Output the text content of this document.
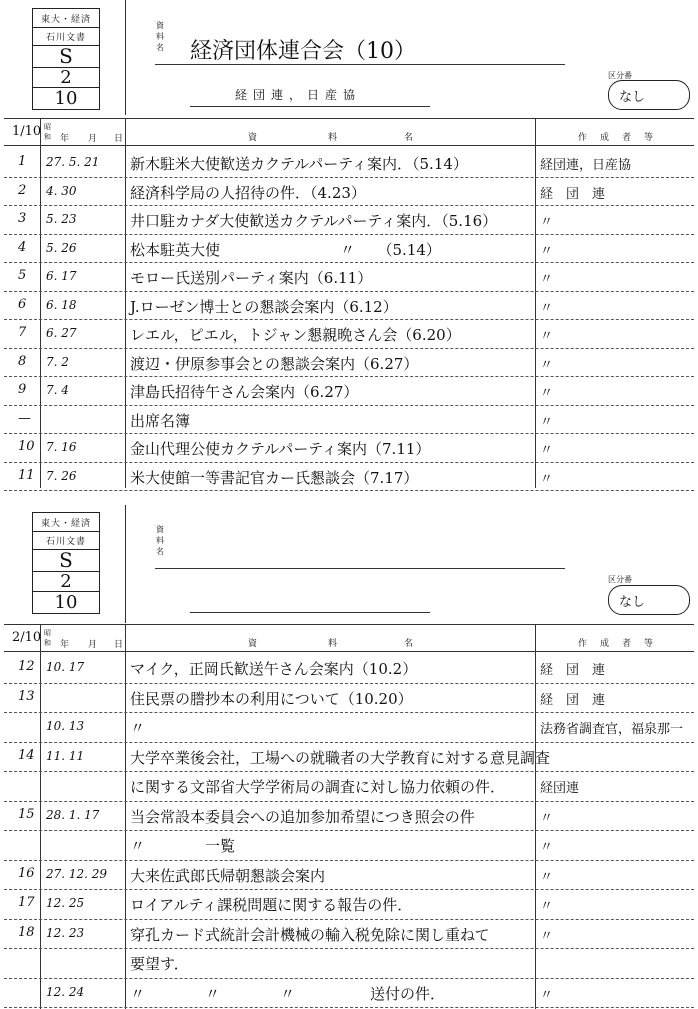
東大・経済
石川文書
S
2
10
資料名 経済団体連合会（10）
経団連，日産協
区分番
なし
1/10 昭和	年 月 日	資	料	名	作 成 者 等
1 27. 5. 21 新木駐米大使歓送カクテルパーティ案内．（5.14）	経団連，日産協
2 4. 30	経済科学局の人招待の件．（4.23）	経　団　連
3 5. 23	井口駐カナダ大使歓送カクテルパーティ案内．（5.16）	〃
4 5. 26	松本駐英大使　　　　　　　　〃　　（5.14）	〃
5 6. 17	モロー氏送別パーティ案内（6.11）	〃
6 6. 18	J.ローゼン博士との懇談会案内（6.12）	〃
7 6. 27	レエル，ピエル，トジャン懇親晩さん会（6.20）	〃
8 7. 2	渡辺・伊原参事会との懇談会案内（6.27）	〃
9 7. 4	津島氏招待午さん会案内（6.27）	〃
—	出席名簿	〃
10 7. 16	金山代理公使カクテルパーティ案内（7.11）	〃
11 7. 26	米大使館一等書記官カー氏懇談会（7.17）	〃
東大・経済
石川文書
S
2
10
資料名
区分番
なし
2/10 昭和	年 月 日	資	料	名	作 成 者 等
12 10. 17	マイク，正岡氏歓送午さん会案内（10.2）	経　団　連
13	住民票の謄抄本の利用について（10.20）	経　団　連
10. 13	〃	法務省調査官，福泉那一
14 11. 11	大学卒業後会社，工場への就職者の大学教育に対する意見調査
に関する文部省大学学術局の調査に対し協力依頼の件．	経団連
15 28. 1. 17 当会常設本委員会への追加参加希望につき照会の件	〃
〃　　　　一覧	〃
16 27. 12. 29 大来佐武郎氏帰朝懇談会案内	〃
17 12. 25	ロイアルティ課税問題に関する報告の件．	〃
18 12. 23	穿孔カード式統計会計機械の輸入税免除に関し重ねて	〃
要望す．
12. 24	〃　　　　〃　　　　〃　　　　　送付の件．	〃
